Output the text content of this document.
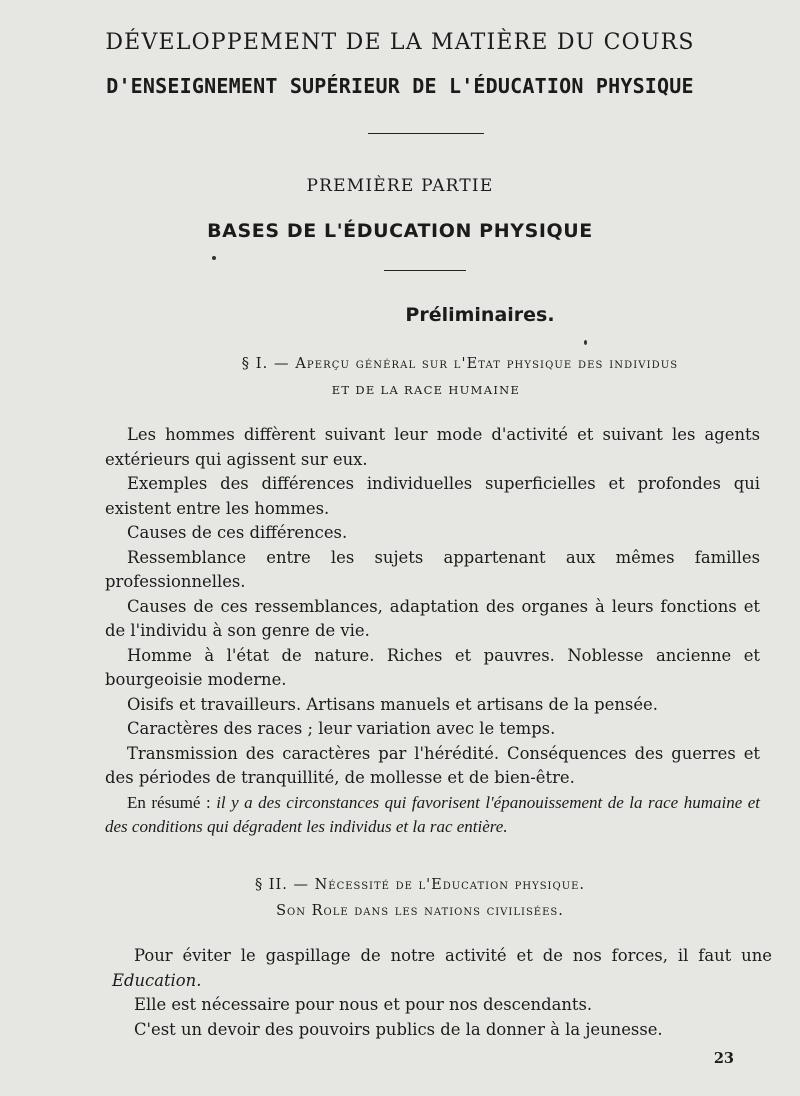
DÉVELOPPEMENT DE LA MATIÈRE DU COURS
D'ENSEIGNEMENT SUPÉRIEUR DE L'ÉDUCATION PHYSIQUE
PREMIÈRE PARTIE
BASES DE L'ÉDUCATION PHYSIQUE
Préliminaires.
§ I. — Aperçu général sur l'Etat physique des individus
ET DE LA RACE HUMAINE

Les hommes diffèrent suivant leur mode d'activité et suivant les agents extérieurs qui agissent sur eux.

Exemples des différences individuelles superficielles et profondes qui existent entre les hommes.

Causes de ces différences.

Ressemblance entre les sujets appartenant aux mêmes familles professionnelles.

Causes de ces ressemblances, adaptation des organes à leurs fonctions et de l'individu à son genre de vie.

Homme à l'état de nature. Riches et pauvres. Noblesse ancienne et bourgeoisie moderne.

Oisifs et travailleurs. Artisans manuels et artisans de la pensée.

Caractères des races ; leur variation avec le temps.

Transmission des caractères par l'hérédité. Conséquences des guerres et des périodes de tranquillité, de mollesse et de bien-être.

En résumé : il y a des circonstances qui favorisent l'épanouissement de la race humaine et des conditions qui dégradent les individus et la rac entière.

§ II. — Nécessité de l'Education physique.
Son Role dans les nations civilisées.

Pour éviter le gaspillage de notre activité et de nos forces, il faut une Education.

Elle est nécessaire pour nous et pour nos descendants.

C'est un devoir des pouvoirs publics de la donner à la jeunesse.

23
